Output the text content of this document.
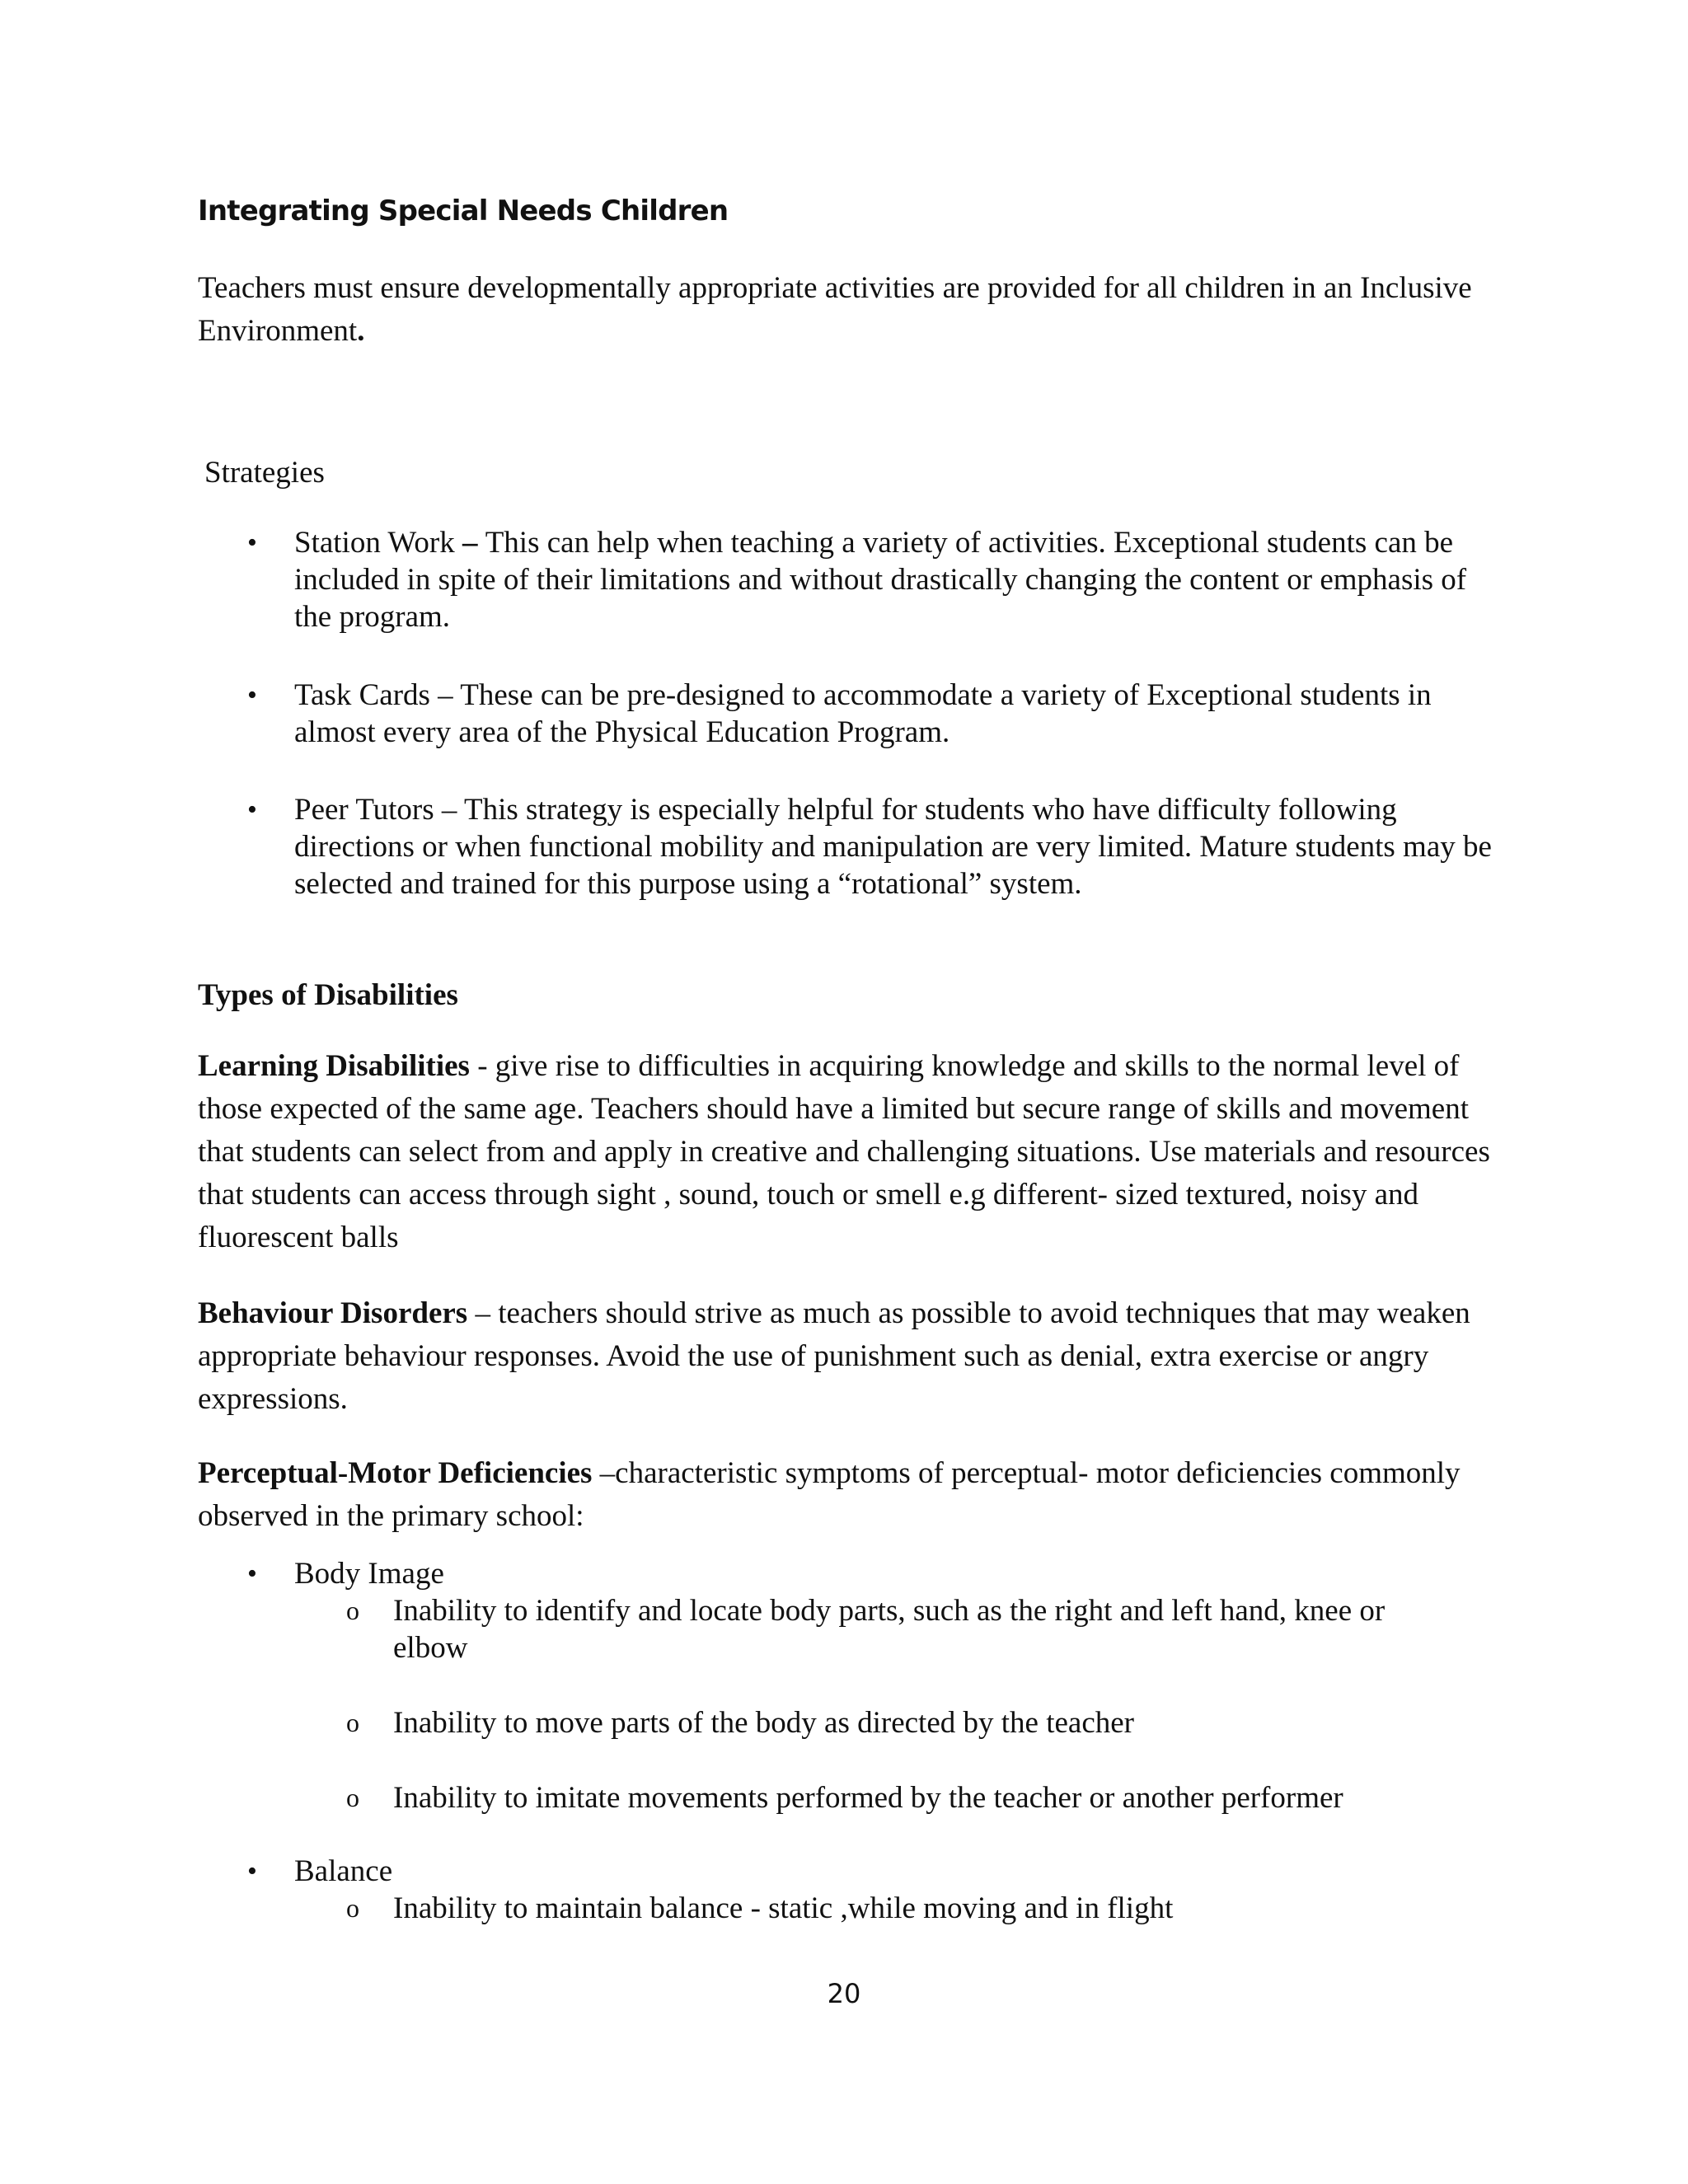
Integrating Special Needs Children

Teachers must ensure developmentally appropriate activities are provided for all children in an Inclusive Environment.

Strategies

•	Station Work – This can help when teaching a variety of activities. Exceptional students can be included in spite of their limitations and without drastically changing the content or emphasis of the program.
•	Task Cards – These can be pre-designed to accommodate a variety of Exceptional students in almost every area of the Physical Education Program.
•	Peer Tutors – This strategy is especially helpful for students who have difficulty following directions or when functional mobility and manipulation are very limited. Mature students may be selected and trained for this purpose using a “rotational” system.

Types of Disabilities

Learning Disabilities - give rise to difficulties in acquiring knowledge and skills to the normal level of those expected of the same age. Teachers should have a limited but secure range of skills and movement that students can select from and apply in creative and challenging situations. Use materials and resources that students can access through sight , sound, touch or smell e.g different- sized textured, noisy and fluorescent balls

Behaviour Disorders – teachers should strive as much as possible to avoid techniques that may weaken appropriate behaviour responses. Avoid the use of punishment such as denial, extra exercise or angry expressions.

Perceptual-Motor Deficiencies –characteristic symptoms of perceptual- motor deficiencies commonly observed in the primary school:

•	Body Image
o	Inability to identify and locate body parts, such as the right and left hand, knee or elbow
o	Inability to move parts of the body as directed by the teacher
o	Inability to imitate movements performed by the teacher or another performer
•	Balance
o	Inability to maintain balance - static ,while moving and in flight
20
